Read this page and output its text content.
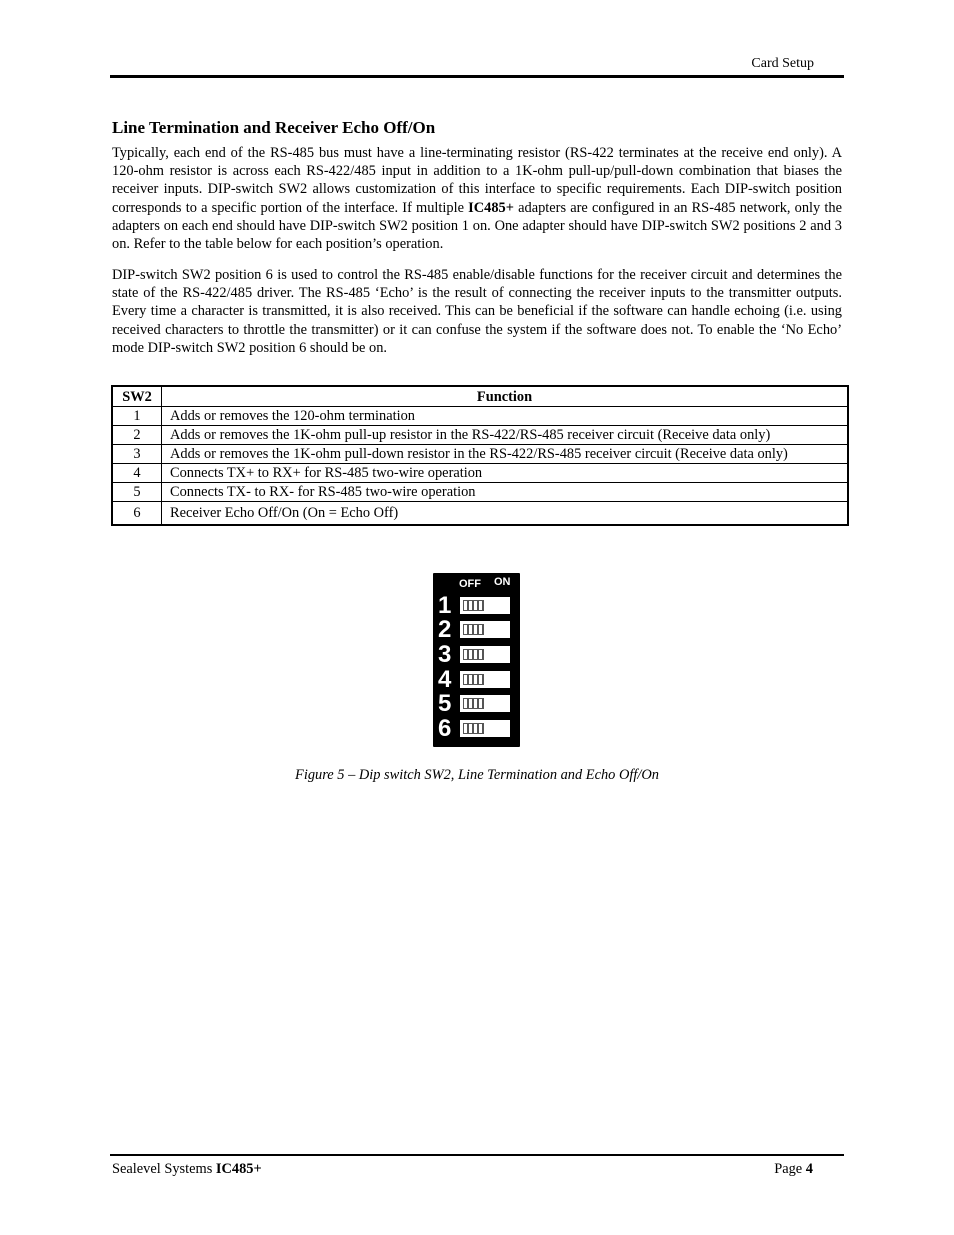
Card Setup
Line Termination and Receiver Echo Off/On

Typically, each end of the RS-485 bus must have a line-terminating resistor (RS-422 terminates at the receive end only). A 120-ohm resistor is across each RS-422/485 input in addition to a 1K-ohm pull-up/pull-down combination that biases the receiver inputs. DIP-switch SW2 allows customization of this interface to specific requirements. Each DIP-switch position corresponds to a specific portion of the interface. If multiple IC485+ adapters are configured in an RS-485 network, only the adapters on each end should have DIP-switch SW2 position 1 on. One adapter should have DIP-switch SW2 positions 2 and 3 on. Refer to the table below for each position’s operation.

DIP-switch SW2 position 6 is used to control the RS-485 enable/disable functions for the receiver circuit and determines the state of the RS-422/485 driver. The RS-485 ‘Echo’ is the result of connecting the receiver inputs to the transmitter outputs. Every time a character is transmitted, it is also received. This can be beneficial if the software can handle echoing (i.e. using received characters to throttle the transmitter) or it can confuse the system if the software does not. To enable the ‘No Echo’ mode DIP-switch SW2 position 6 should be on.

SW2	Function
1	Adds or removes the 120-ohm termination
2	Adds or removes the 1K-ohm pull-up resistor in the RS-422/RS-485 receiver circuit (Receive data only)
3	Adds or removes the 1K-ohm pull-down resistor in the RS-422/RS-485 receiver circuit (Receive data only)
4	Connects TX+ to RX+ for RS-485 two-wire operation
5	Connects TX- to RX- for RS-485 two-wire operation
6	Receiver Echo Off/On (On = Echo Off)
OFF ON
1
2
3
4
5
6
Figure 5 – Dip switch SW2, Line Termination and Echo Off/On
Sealevel Systems IC485+	Page 4
